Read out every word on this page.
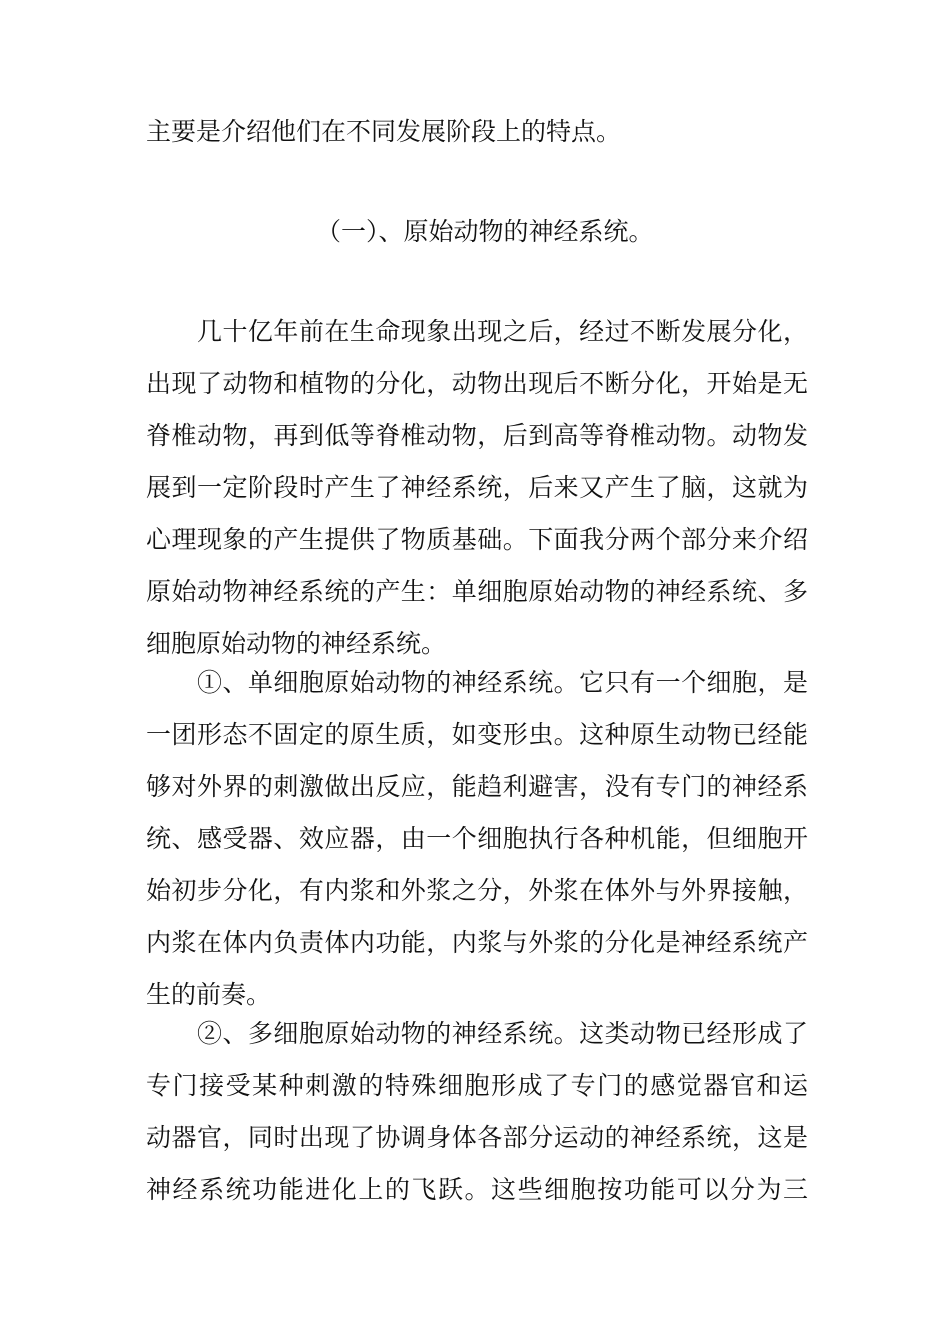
主要是介绍他们在不同发展阶段上的特点。
（一）、原始动物的神经系统。
　　几十亿年前在生命现象出现之后，经过不断发展分化，
出现了动物和植物的分化，动物出现后不断分化，开始是无
脊椎动物，再到低等脊椎动物，后到高等脊椎动物。动物发
展到一定阶段时产生了神经系统，后来又产生了脑，这就为
心理现象的产生提供了物质基础。下面我分两个部分来介绍
原始动物神经系统的产生：单细胞原始动物的神经系统、多
细胞原始动物的神经系统。
　　①、单细胞原始动物的神经系统。它只有一个细胞，是
一团形态不固定的原生质，如变形虫。这种原生动物已经能
够对外界的刺激做出反应，能趋利避害，没有专门的神经系
统、感受器、效应器，由一个细胞执行各种机能，但细胞开
始初步分化，有内浆和外浆之分，外浆在体外与外界接触，
内浆在体内负责体内功能，内浆与外浆的分化是神经系统产
生的前奏。
　　②、多细胞原始动物的神经系统。这类动物已经形成了
专门接受某种刺激的特殊细胞形成了专门的感觉器官和运
动器官，同时出现了协调身体各部分运动的神经系统，这是
神经系统功能进化上的飞跃。这些细胞按功能可以分为三
